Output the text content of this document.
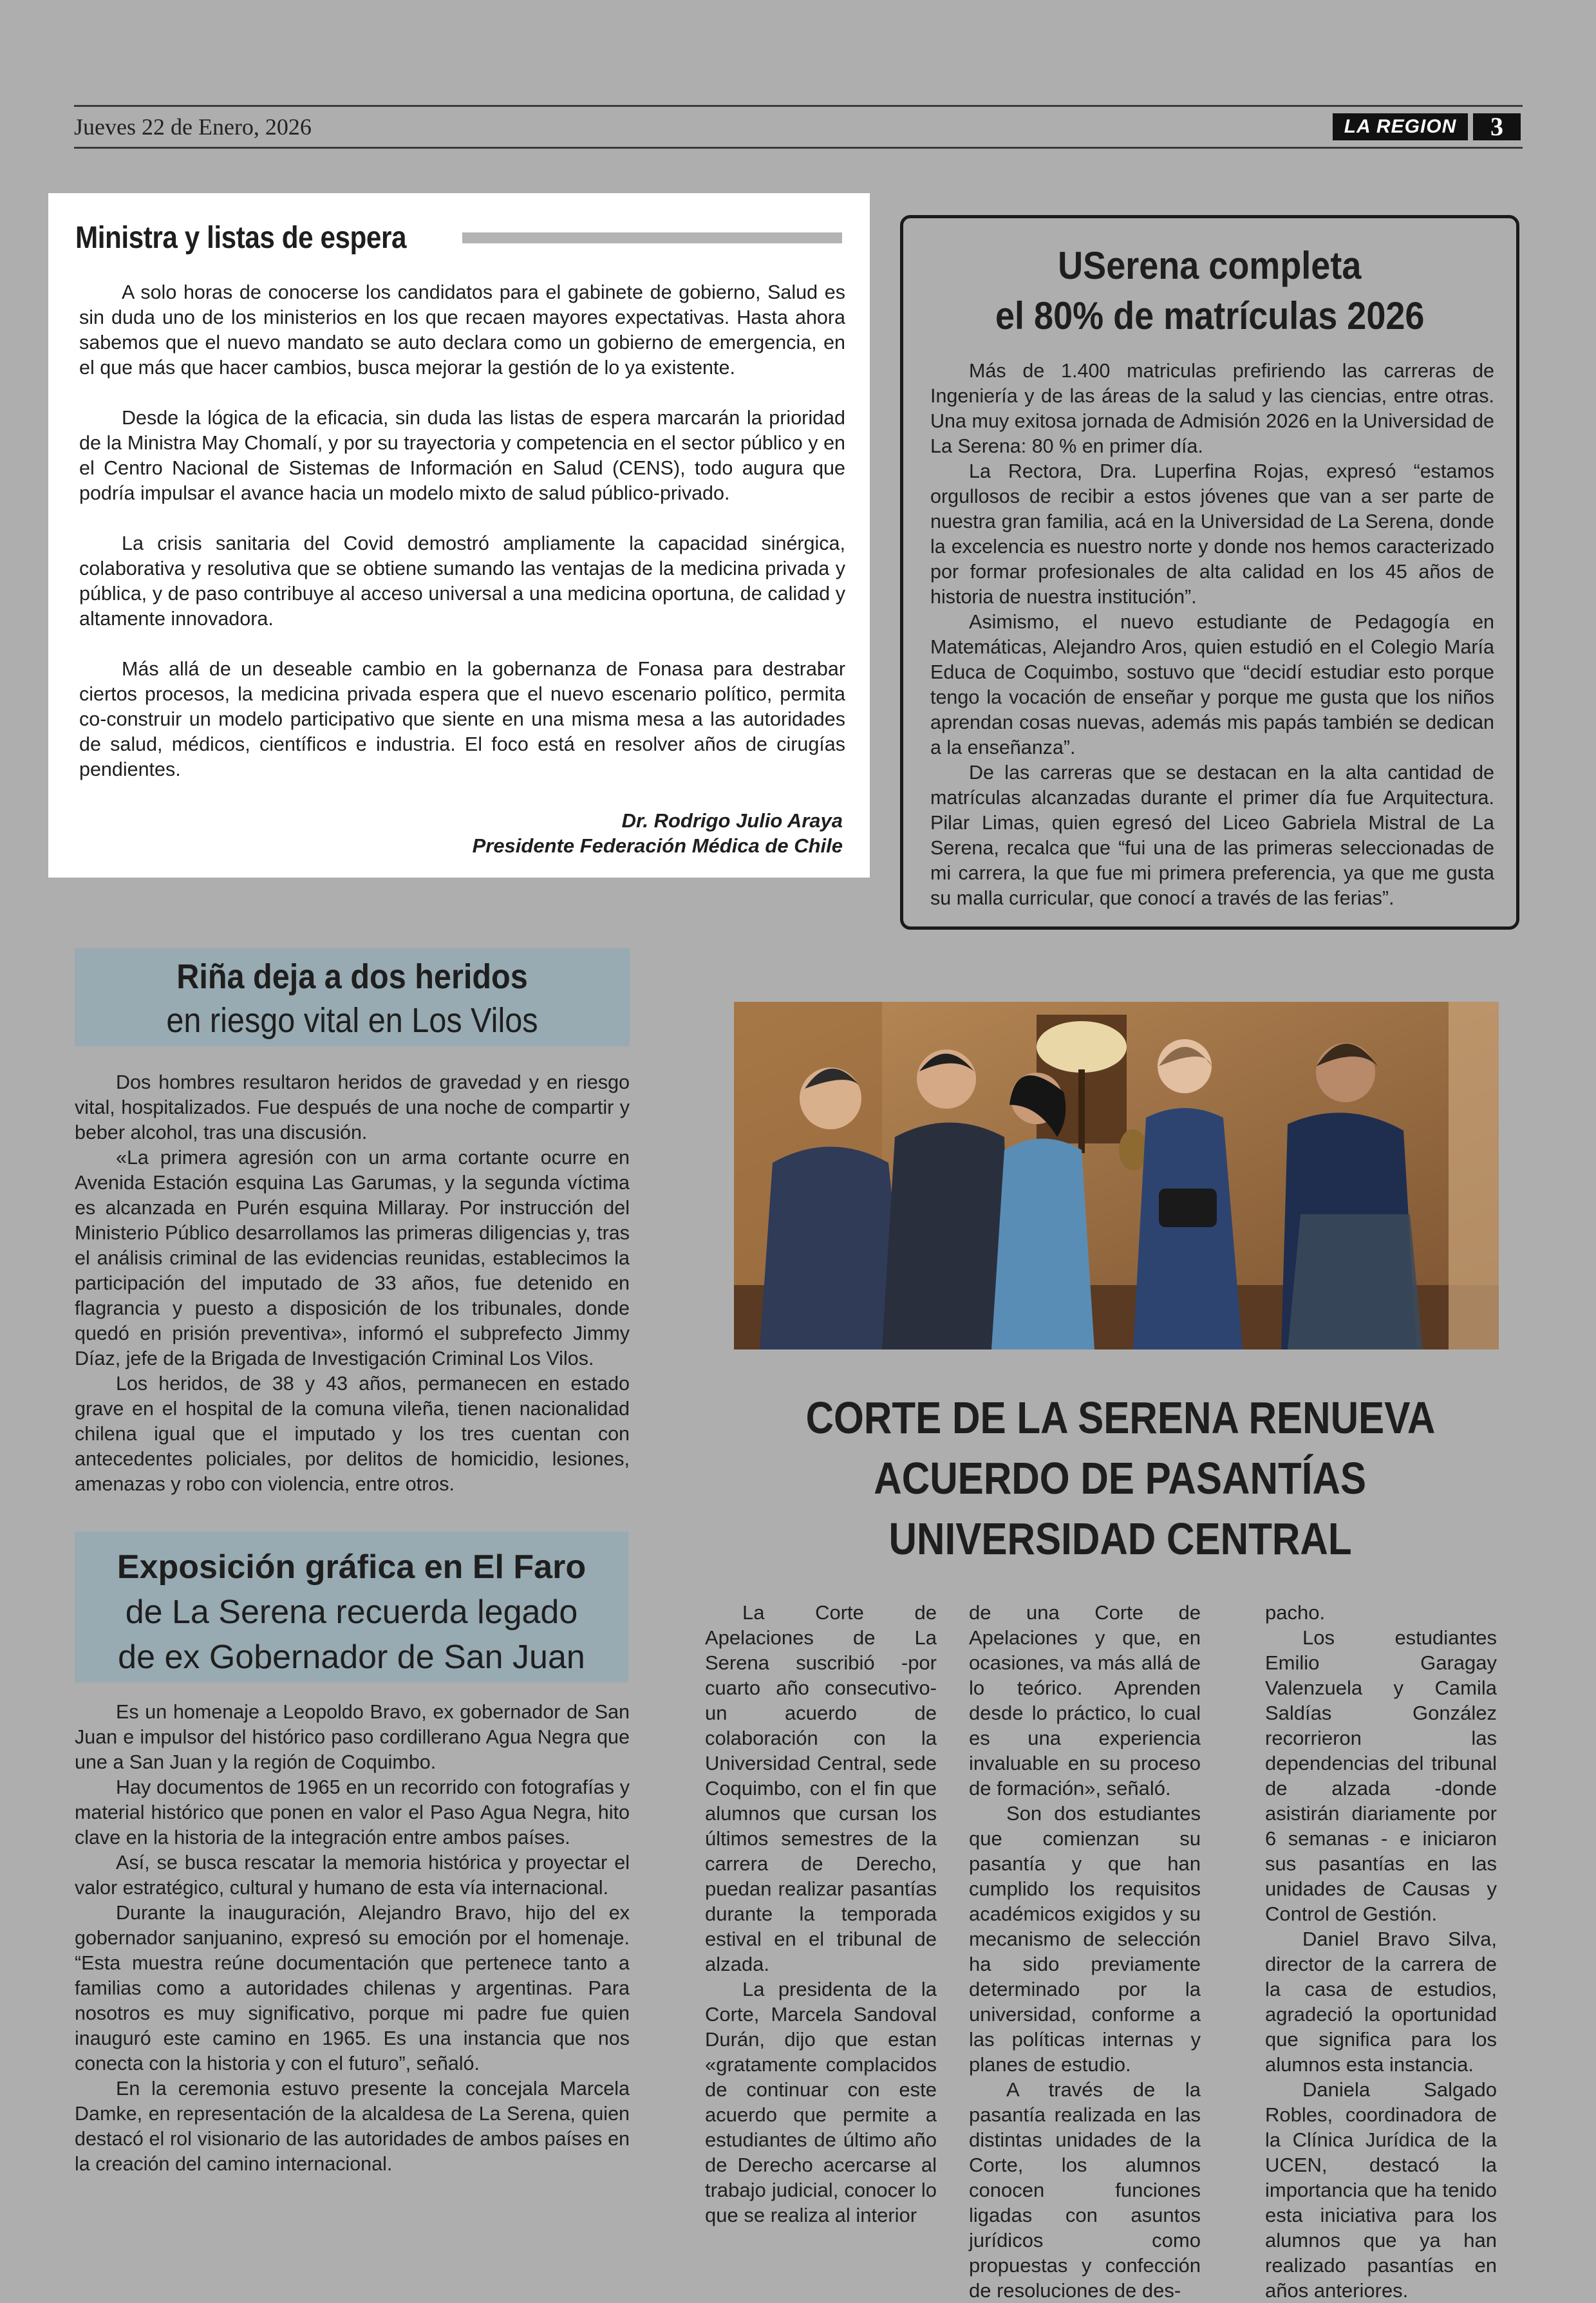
Jueves 22 de Enero, 2026	LA REGION	3
Ministra y listas de espera

A solo horas de conocerse los candidatos para el gabinete de gobierno, Salud es sin duda uno de los ministerios en los que recaen mayores expectativas. Hasta ahora sabemos que el nuevo mandato se auto declara como un gobierno de emergencia, en el que más que hacer cambios, busca mejorar la gestión de lo ya existente.

Desde la lógica de la eficacia, sin duda las listas de espera marcarán la prioridad de la Ministra May Chomalí, y por su trayectoria y competencia en el sector público y en el Centro Nacional de Sistemas de Información en Salud (CENS), todo augura que podría impulsar el avance hacia un modelo mixto de salud público-privado.

La crisis sanitaria del Covid demostró ampliamente la capacidad sinérgica, colaborativa y resolutiva que se obtiene sumando las ventajas de la medicina privada y pública, y de paso contribuye al acceso universal a una medicina oportuna, de calidad y altamente innovadora.

Más allá de un deseable cambio en la gobernanza de Fonasa para destrabar ciertos procesos, la medicina privada espera que el nuevo escenario político, permita co-construir un modelo participativo que siente en una misma mesa a las autoridades de salud, médicos, científicos e industria. El foco está en resolver años de cirugías pendientes.

Dr. Rodrigo Julio Araya
Presidente Federación Médica de Chile
USerena completa
el 80% de matrículas 2026

Más de 1.400 matriculas prefiriendo las carreras de Ingeniería y de las áreas de la salud y las ciencias, entre otras. Una muy exitosa jornada de Admisión 2026 en la Universidad de La Serena: 80 % en primer día.

La Rectora, Dra. Luperfina Rojas, expresó “estamos orgullosos de recibir a estos jóvenes que van a ser parte de nuestra gran familia, acá en la Universidad de La Serena, donde la excelencia es nuestro norte y donde nos hemos caracterizado por formar profesionales de alta calidad en los 45 años de historia de nuestra institución”.

Asimismo, el nuevo estudiante de Pedagogía en Matemáticas, Alejandro Aros, quien estudió en el Colegio María Educa de Coquimbo, sostuvo que “decidí estudiar esto porque tengo la vocación de enseñar y porque me gusta que los niños aprendan cosas nuevas, además mis papás también se dedican a la enseñanza”.

De las carreras que se destacan en la alta cantidad de matrículas alcanzadas durante el primer día fue Arquitectura. Pilar Limas, quien egresó del Liceo Gabriela Mistral de La Serena, recalca que “fui una de las primeras seleccionadas de mi carrera, la que fue mi primera preferencia, ya que me gusta su malla curricular, que conocí a través de las ferias”.

Riña deja a dos heridos
en riesgo vital en Los Vilos

Dos hombres resultaron heridos de gravedad y en riesgo vital, hospitalizados. Fue después de una noche de compartir y beber alcohol, tras una discusión.

«La primera agresión con un arma cortante ocurre en Avenida Estación esquina Las Garumas, y la segunda víctima es alcanzada en Purén esquina Millaray. Por instrucción del Ministerio Público desarrollamos las primeras diligencias y, tras el análisis criminal de las evidencias reunidas, establecimos la participación del imputado de 33 años, fue detenido en flagrancia y puesto a disposición de los tribunales, donde quedó en prisión preventiva», informó el subprefecto Jimmy Díaz, jefe de la Brigada de Investigación Criminal Los Vilos.

Los heridos, de 38 y 43 años, permanecen en estado grave en el hospital de la comuna vileña, tienen nacionalidad chilena igual que el imputado y los tres cuentan con antecedentes policiales, por delitos de homicidio, lesiones, amenazas y robo con violencia, entre otros.

Exposición gráfica en El Faro
de La Serena recuerda legado
de ex Gobernador de San Juan

Es un homenaje a Leopoldo Bravo, ex gobernador de San Juan e impulsor del histórico paso cordillerano Agua Negra que une a San Juan y la región de Coquimbo.

Hay documentos de 1965 en un recorrido con fotografías y material histórico que ponen en valor el Paso Agua Negra, hito clave en la historia de la integración entre ambos países.

Así, se busca rescatar la memoria histórica y proyectar el valor estratégico, cultural y humano de esta vía internacional.

Durante la inauguración, Alejandro Bravo, hijo del ex gobernador sanjuanino, expresó su emoción por el homenaje. “Esta muestra reúne documentación que pertenece tanto a familias como a autoridades chilenas y argentinas. Para nosotros es muy significativo, porque mi padre fue quien inauguró este camino en 1965. Es una instancia que nos conecta con la historia y con el futuro”, señaló.

En la ceremonia estuvo presente la concejala Marcela Damke, en representación de la alcaldesa de La Serena, quien destacó el rol visionario de las autoridades de ambos países en la creación del camino internacional.

CORTE DE LA SERENA RENUEVA
ACUERDO DE PASANTÍAS
UNIVERSIDAD CENTRAL

La Corte de Apelaciones de La Serena suscribió -por cuarto año consecutivo- un acuerdo de colaboración con la Universidad Central, sede Coquimbo, con el fin que alumnos que cursan los últimos semestres de la carrera de Derecho, puedan realizar pasantías durante la temporada estival en el tribunal de alzada.

La presidenta de la Corte, Marcela Sandoval Durán, dijo que estan «gratamente complacidos de continuar con este acuerdo que permite a estudiantes de último año de Derecho acercarse al trabajo judicial, conocer lo que se realiza al interior

de una Corte de Apelaciones y que, en ocasiones, va más allá de lo teórico. Aprenden desde lo práctico, lo cual es una experiencia invaluable en su proceso de formación», señaló.

Son dos estudiantes que comienzan su pasantía y que han cumplido los requisitos académicos exigidos y su mecanismo de selección ha sido previamente determinado por la universidad, conforme a las políticas internas y planes de estudio.

A través de la pasantía realizada en las distintas unidades de la Corte, los alumnos conocen funciones ligadas con asuntos jurídicos como propuestas y confección de resoluciones de des-

pacho.

Los estudiantes Emilio Garagay Valenzuela y Camila Saldías González recorrieron las dependencias del tribunal de alzada -donde asistirán diariamente por 6 semanas - e iniciaron sus pasantías en las unidades de Causas y Control de Gestión.

Daniel Bravo Silva, director de la carrera de la casa de estudios, agradeció la oportunidad que significa para los alumnos esta instancia.

Daniela Salgado Robles, coordinadora de la Clínica Jurídica de la UCEN, destacó la importancia que ha tenido esta iniciativa para los alumnos que ya han realizado pasantías en años anteriores.
